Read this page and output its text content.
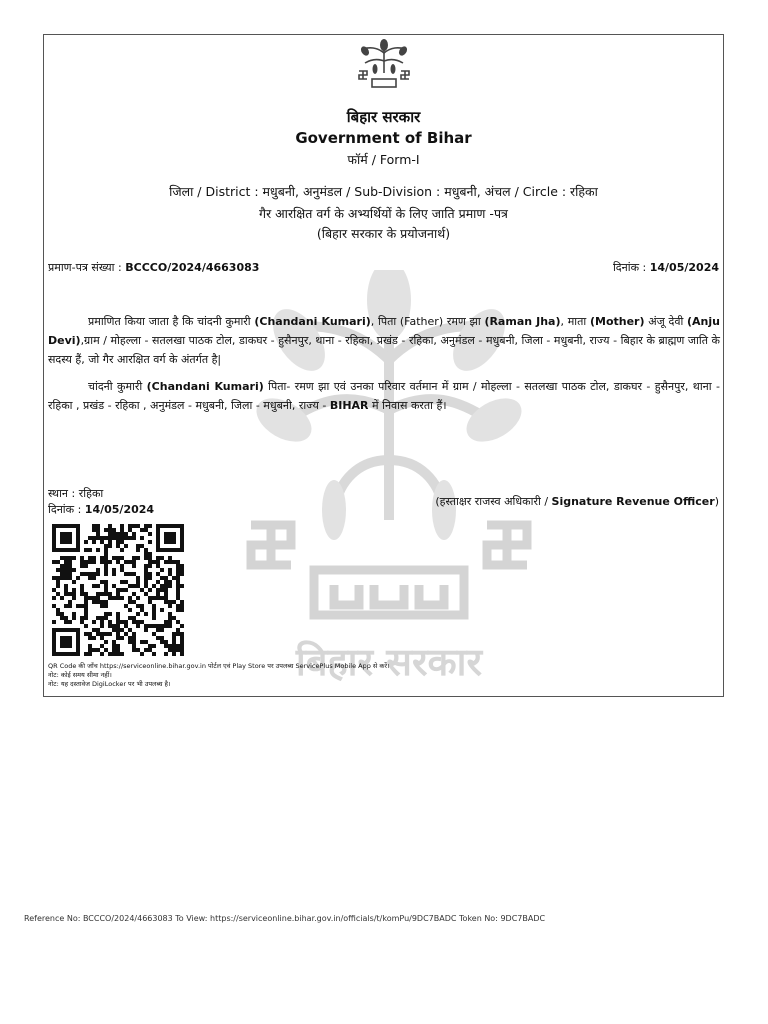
बिहार सरकार
बिहार सरकार
Government of Bihar
फॉर्म / Form-I
जिला / District : मधुबनी, अनुमंडल / Sub-Division : मधुबनी, अंचल / Circle : रहिका
गैर आरक्षित वर्ग के अभ्यर्थियों के लिए जाति प्रमाण -पत्र
(बिहार सरकार के प्रयोजनार्थ)
प्रमाण-पत्र संख्या : BCCCO/2024/4663083	दिनांक : 14/05/2024
प्रमाणित किया जाता है कि चांदनी कुमारी (Chandani Kumari), पिता (Father) रमण झा (Raman Jha), माता (Mother) अंजू देवी (Anju Devi),ग्राम / मोहल्ला - सतलखा पाठक टोल, डाकघर - हुसैनपुर, थाना - रहिका, प्रखंड - रहिका, अनुमंडल - मधुबनी, जिला - मधुबनी, राज्य - बिहार के ब्राह्मण जाति के सदस्य हैं, जो गैर आरक्षित वर्ग के अंतर्गत है|
चांदनी कुमारी (Chandani Kumari) पिता- रमण झा एवं उनका परिवार वर्तमान में ग्राम / मोहल्ला - सतलखा पाठक टोल, डाकघर - हुसैनपुर, थाना - रहिका , प्रखंड - रहिका , अनुमंडल - मधुबनी, जिला - मधुबनी, राज्य - BIHAR में निवास करता हैं।
स्थान : रहिका
दिनांक : 14/05/2024
(हस्ताक्षर राजस्व अधिकारी / Signature Revenue Officer)
QR Code की जाँच https://serviceonline.bihar.gov.in पोर्टल एवं Play Store पर उपलब्ध ServicePlus Mobile App से करें।
नोट: कोई समय सीमा नहीं।
नोट: यह दस्तावेज DigiLocker पर भी उपलब्ध है।
Reference No: BCCCO/2024/4663083 To View: https://serviceonline.bihar.gov.in/officials/t/komPu/9DC7BADC Token No: 9DC7BADC
